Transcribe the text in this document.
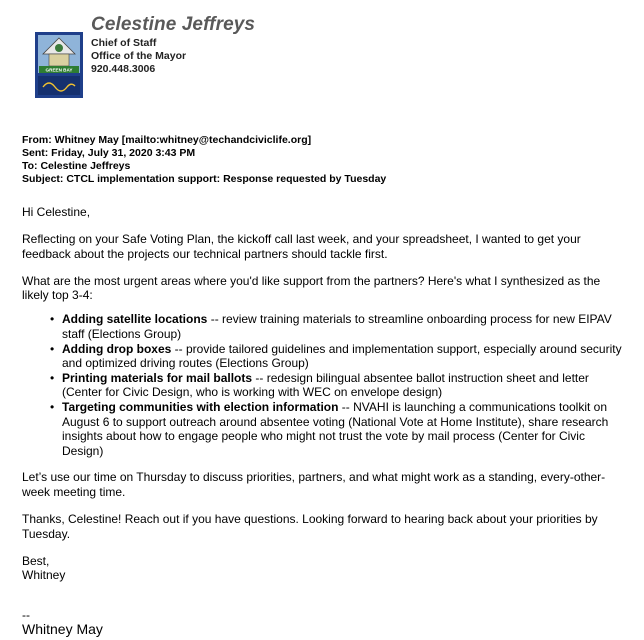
GREEN BAY
Celestine Jeffreys
Chief of Staff
Office of the Mayor
920.448.3006
From: Whitney May [mailto:whitney@techandciviclife.org]
Sent: Friday, July 31, 2020 3:43 PM
To: Celestine Jeffreys
Subject: CTCL implementation support: Response requested by Tuesday

Hi Celestine,

Reflecting on your Safe Voting Plan, the kickoff call last week, and your spreadsheet, I wanted to get your feedback about the projects our technical partners should tackle first.

What are the most urgent areas where you'd like support from the partners? Here's what I synthesized as the likely top 3-4:

• Adding satellite locations -- review training materials to streamline onboarding process for new EIPAV staff (Elections Group)
• Adding drop boxes -- provide tailored guidelines and implementation support, especially around security and optimized driving routes (Elections Group)
• Printing materials for mail ballots -- redesign bilingual absentee ballot instruction sheet and letter (Center for Civic Design, who is working with WEC on envelope design)
• Targeting communities with election information -- NVAHI is launching a communications toolkit on August 6 to support outreach around absentee voting (National Vote at Home Institute), share research insights about how to engage people who might not trust the vote by mail process (Center for Civic Design)

Let’s use our time on Thursday to discuss priorities, partners, and what might work as a standing, every-other-week meeting time.

Thanks, Celestine! Reach out if you have questions. Looking forward to hearing back about your priorities by Tuesday.

Best,
Whitney
--
Whitney May
